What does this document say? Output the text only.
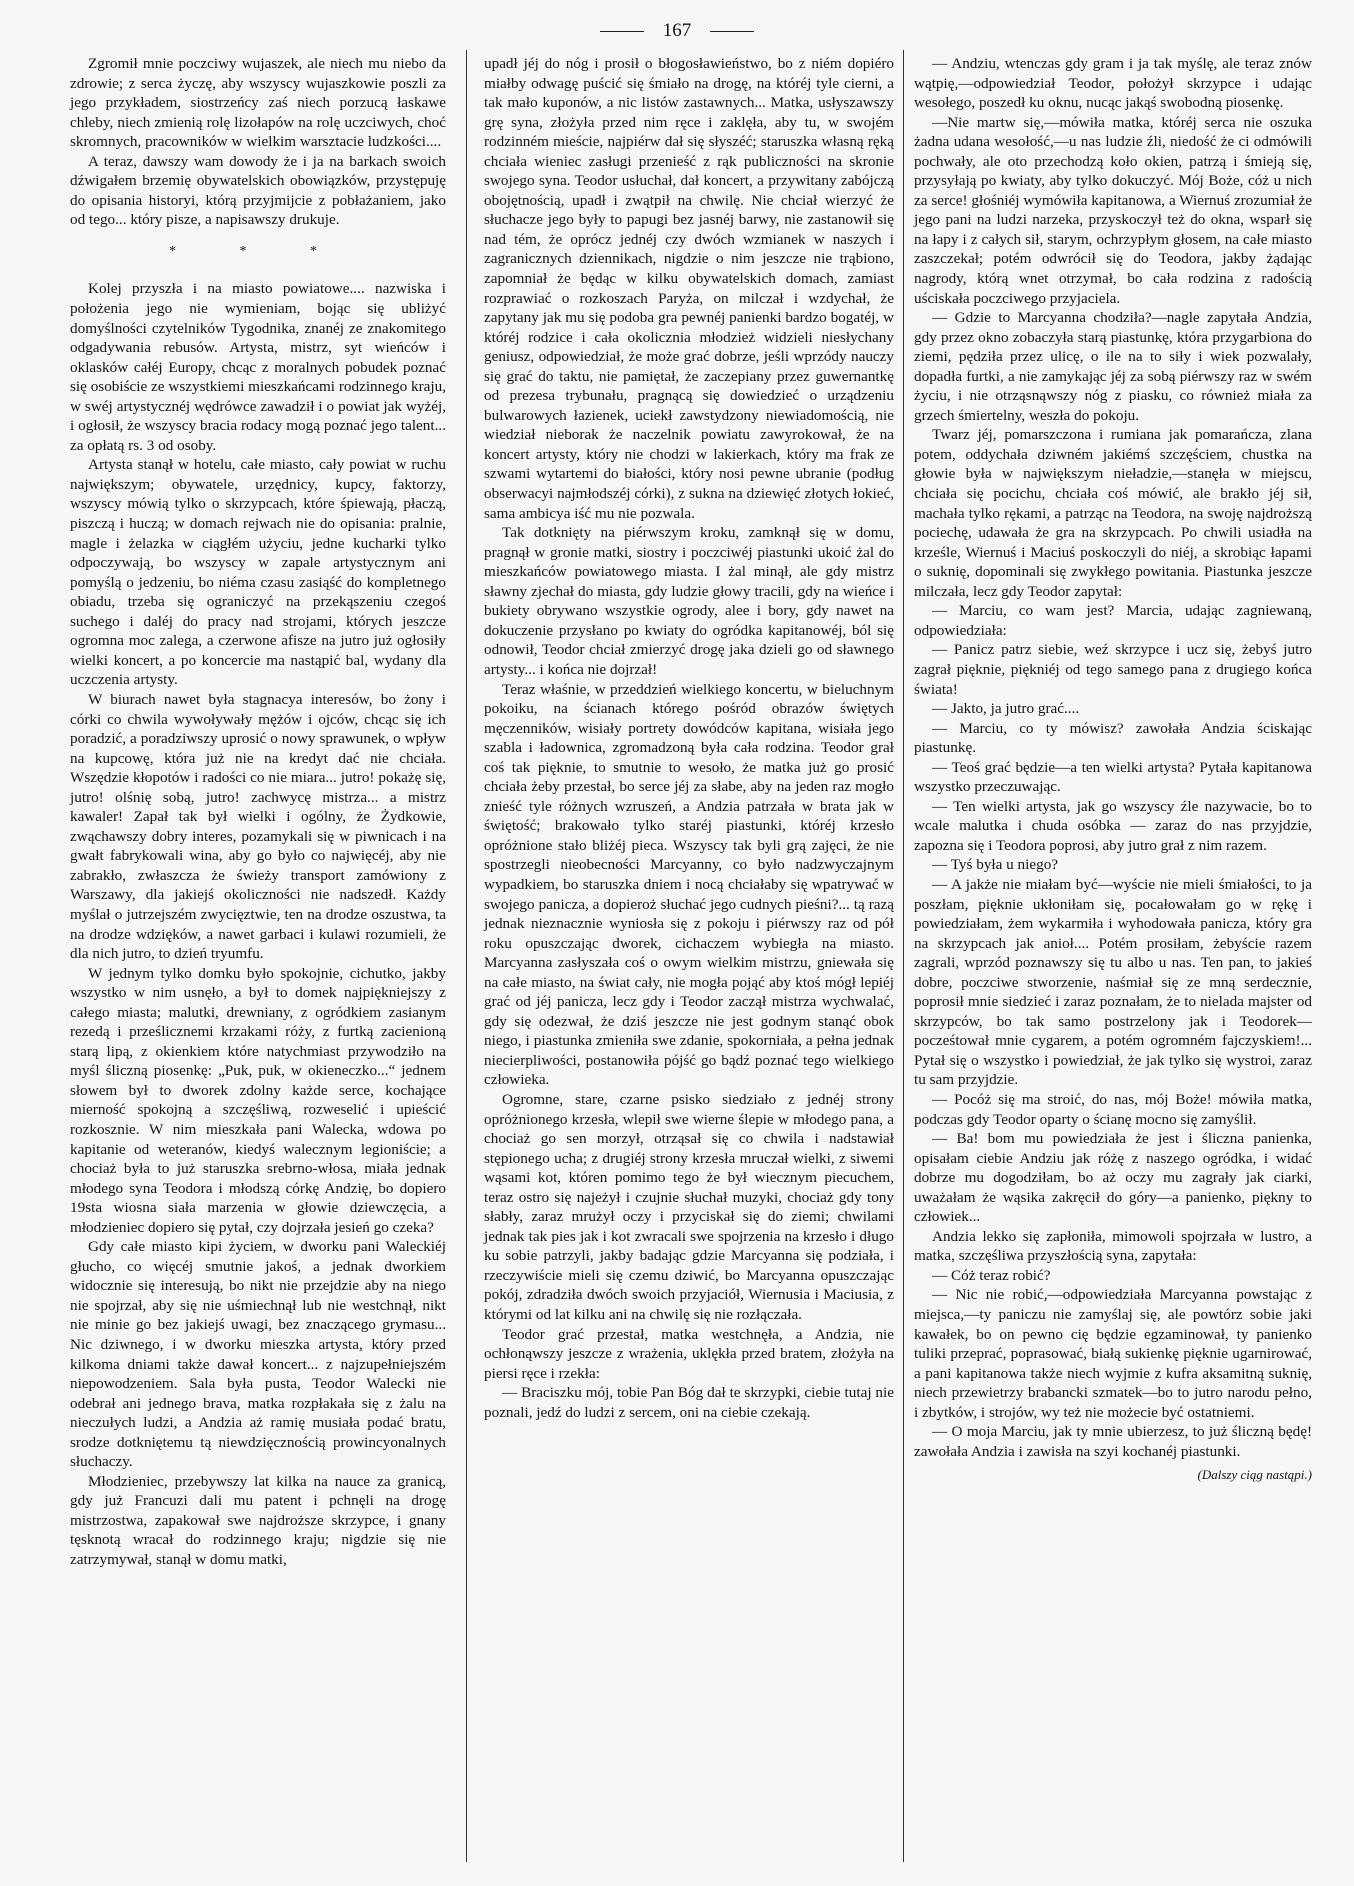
167

Zgromił mnie poczciwy wujaszek, ale niech mu niebo da zdrowie; z serca życzę, aby wszyscy wujaszkowie poszli za jego przykładem, siostrzeńcy zaś niech porzucą łaskawe chleby, niech zmienią rolę lizołapów na rolę uczciwych, choć skromnych, pracowników w wielkim warsztacie ludzkości....

A teraz, dawszy wam dowody że i ja na barkach swoich dźwigałem brzemię obywatelskich obowiązków, przystępuję do opisania historyi, którą przyjmijcie z pobłażaniem, jako od tego... który pisze, a napisawszy drukuje.

* * *

Kolej przyszła i na miasto powiatowe.... nazwiska i położenia jego nie wymieniam, bojąc się ubliżyć domyślności czytelników Tygodnika, znanéj ze znakomitego odgadywania rebusów. Artysta, mistrz, syt wieńców i oklasków całéj Europy, chcąc z moralnych pobudek poznać się osobiście ze wszystkiemi mieszkańcami rodzinnego kraju, w swéj artystycznéj wędrówce zawadził i o powiat jak wyżéj, i ogłosił, że wszyscy bracia rodacy mogą poznać jego talent... za opłatą rs. 3 od osoby.

Artysta stanął w hotelu, całe miasto, cały powiat w ruchu największym; obywatele, urzędnicy, kupcy, faktorzy, wszyscy mówią tylko o skrzypcach, które śpiewają, płaczą, piszczą i huczą; w domach rejwach nie do opisania: pralnie, magle i żelazka w ciągłém użyciu, jedne kucharki tylko odpoczywają, bo wszyscy w zapale artystycznym ani pomyślą o jedzeniu, bo niéma czasu zasiąść do kompletnego obiadu, trzeba się ograniczyć na przekąszeniu czegoś suchego i daléj do pracy nad strojami, których jeszcze ogromna moc zalega, a czerwone afisze na jutro już ogłosiły wielki koncert, a po koncercie ma nastąpić bal, wydany dla uczczenia artysty.

W biurach nawet była stagnacya interesów, bo żony i córki co chwila wywoływały mężów i ojców, chcąc się ich poradzić, a poradziwszy uprosić o nowy sprawunek, o wpływ na kupcowę, która już nie na kredyt dać nie chciała. Wszędzie kłopotów i radości co nie miara... jutro! pokażę się, jutro! olśnię sobą, jutro! zachwycę mistrza... a mistrz kawaler! Zapał tak był wielki i ogólny, że Żydkowie, zwąchawszy dobry interes, pozamykali się w piwnicach i na gwałt fabrykowali wina, aby go było co najwięcéj, aby nie zabrakło, zwłaszcza że świeży transport zamówiony z Warszawy, dla jakiejś okoliczności nie nadszedł. Każdy myślał o jutrzejszém zwycięztwie, ten na drodze oszustwa, ta na drodze wdzięków, a nawet garbaci i kulawi rozumieli, że dla nich jutro, to dzień tryumfu.

W jednym tylko domku było spokojnie, cichutko, jakby wszystko w nim usnęło, a był to domek najpiękniejszy z całego miasta; malutki, drewniany, z ogródkiem zasianym rezedą i prześlicznemi krzakami róży, z furtką zacienioną starą lipą, z okienkiem które natychmiast przywodziło na myśl śliczną piosenkę: „Puk, puk, w okieneczko...“ jednem słowem był to dworek zdolny każde serce, kochające mierność spokojną a szczęśliwą, rozweselić i upieścić rozkosznie. W nim mieszkała pani Walecka, wdowa po kapitanie od weteranów, kiedyś walecznym legioniście; a chociaż była to już staruszka srebrno-włosa, miała jednak młodego syna Teodora i młodszą córkę Andzię, bo dopiero 19sta wiosna siała marzenia w głowie dziewczęcia, a młodzieniec dopiero się pytał, czy dojrzała jesień go czeka?

Gdy całe miasto kipi życiem, w dworku pani Waleckiéj głucho, co więcéj smutnie jakoś, a jednak dworkiem widocznie się interesują, bo nikt nie przejdzie aby na niego nie spojrzał, aby się nie uśmiechnął lub nie westchnął, nikt nie minie go bez jakiejś uwagi, bez znaczącego grymasu... Nic dziwnego, i w dworku mieszka artysta, który przed kilkoma dniami także dawał koncert... z najzupełniejszém niepowodzeniem. Sala była pusta, Teodor Walecki nie odebrał ani jednego brava, matka rozpłakała się z żalu na nieczułych ludzi, a Andzia aż ramię musiała podać bratu, srodze dotkniętemu tą niewdzięcznością prowincyonalnych słuchaczy.

Młodzieniec, przebywszy lat kilka na nauce za granicą, gdy już Francuzi dali mu patent i pchnęli na drogę mistrzostwa, zapakował swe najdroższe skrzypce, i gnany tęsknotą wracał do rodzinnego kraju; nigdzie się nie zatrzymywał, stanął w domu matki,

upadł jéj do nóg i prosił o błogosławieństwo, bo z niém dopiéro miałby odwagę puścić się śmiało na drogę, na któréj tyle cierni, a tak mało kuponów, a nic listów zastawnych... Matka, usłyszawszy grę syna, złożyła przed nim ręce i zaklęła, aby tu, w swojém rodzinném mieście, najpiérw dał się słyszéć; staruszka własną ręką chciała wieniec zasługi przenieść z rąk publiczności na skronie swojego syna. Teodor usłuchał, dał koncert, a przywitany zabójczą obojętnością, upadł i zwątpił na chwilę. Nie chciał wierzyć że słuchacze jego były to papugi bez jasnéj barwy, nie zastanowił się nad tém, że oprócz jednéj czy dwóch wzmianek w naszych i zagranicznych dziennikach, nigdzie o nim jeszcze nie trąbiono, zapomniał że będąc w kilku obywatelskich domach, zamiast rozprawiać o rozkoszach Paryża, on milczał i wzdychał, że zapytany jak mu się podoba gra pewnéj panienki bardzo bogatéj, w któréj rodzice i cała okolicznia młodzież widzieli niesłychany geniusz, odpowiedział, że może grać dobrze, jeśli wprzódy nauczy się grać do taktu, nie pamiętał, że zaczepiany przez guwernantkę od prezesa trybunału, pragnącą się dowiedzieć o urządzeniu bulwarowych łazienek, uciekł zawstydzony niewiadomością, nie wiedział nieborak że naczelnik powiatu zawyrokował, że na koncert artysty, który nie chodzi w lakierkach, który ma frak ze szwami wytartemi do białości, który nosi pewne ubranie (podług obserwacyi najmłodszéj córki), z sukna na dziewięć złotych łokieć, sama ambicya iść mu nie pozwala.

Tak dotknięty na piérwszym kroku, zamknął się w domu, pragnął w gronie matki, siostry i poczciwéj piastunki ukoić żal do mieszkańców powiatowego miasta. I żal minął, ale gdy mistrz sławny zjechał do miasta, gdy ludzie głowy tracili, gdy na wieńce i bukiety obrywano wszystkie ogrody, alee i bory, gdy nawet na dokuczenie przysłano po kwiaty do ogródka kapitanowéj, ból się odnowił, Teodor chciał zmierzyć drogę jaka dzieli go od sławnego artysty... i końca nie dojrzał!

Teraz właśnie, w przeddzień wielkiego koncertu, w bieluchnym pokoiku, na ścianach którego pośród obrazów świętych męczenników, wisiały portrety dowódców kapitana, wisiała jego szabla i ładownica, zgromadzoną była cała rodzina. Teodor grał coś tak pięknie, to smutnie to wesoło, że matka już go prosić chciała żeby przestał, bo serce jéj za słabe, aby na jeden raz mogło znieść tyle różnych wzruszeń, a Andzia patrzała w brata jak w świętość; brakowało tylko staréj piastunki, któréj krzesło opróżnione stało bliżéj pieca. Wszyscy tak byli grą zajęci, że nie spostrzegli nieobecności Marcyanny, co było nadzwyczajnym wypadkiem, bo staruszka dniem i nocą chciałaby się wpatrywać w swojego panicza, a dopieroż słuchać jego cudnych pieśni?... tą razą jednak nieznacznie wyniosła się z pokoju i piérwszy raz od pół roku opuszczając dworek, cichaczem wybiegła na miasto. Marcyanna zasłyszała coś o owym wielkim mistrzu, gniewała się na całe miasto, na świat cały, nie mogła pojąć aby ktoś mógł lepiéj grać od jéj panicza, lecz gdy i Teodor zaczął mistrza wychwalać, gdy się odezwał, że dziś jeszcze nie jest godnym stanąć obok niego, i piastunka zmieniła swe zdanie, spokorniała, a pełna jednak niecierpliwości, postanowiła pójść go bądź poznać tego wielkiego człowieka.

Ogromne, stare, czarne psisko siedziało z jednéj strony opróżnionego krzesła, wlepił swe wierne ślepie w młodego pana, a chociaż go sen morzył, otrząsał się co chwila i nadstawiał stępionego ucha; z drugiéj strony krzesła mruczał wielki, z siwemi wąsami kot, któren pomimo tego że był wiecznym piecuchem, teraz ostro się najeżył i czujnie słuchał muzyki, chociaż gdy tony słabły, zaraz mrużył oczy i przyciskał się do ziemi; chwilami jednak tak pies jak i kot zwracali swe spojrzenia na krzesło i długo ku sobie patrzyli, jakby badając gdzie Marcyanna się podziała, i rzeczywiście mieli się czemu dziwić, bo Marcyanna opuszczając pokój, zdradziła dwóch swoich przyjaciół, Wiernusia i Maciusia, z którymi od lat kilku ani na chwilę się nie rozłączała.

Teodor grać przestał, matka westchnęła, a Andzia, nie ochłonąwszy jeszcze z wrażenia, uklękła przed bratem, złożyła na piersi ręce i rzekła:

— Braciszku mój, tobie Pan Bóg dał te skrzypki, ciebie tutaj nie poznali, jedź do ludzi z sercem, oni na ciebie czekają.

— Andziu, wtenczas gdy gram i ja tak myślę, ale teraz znów wątpię,—odpowiedział Teodor, położył skrzypce i udając wesołego, poszedł ku oknu, nucąc jakąś swobodną piosenkę.

—Nie martw się,—mówiła matka, któréj serca nie oszuka żadna udana wesołość,—u nas ludzie źli, niedość że ci odmówili pochwały, ale oto przechodzą koło okien, patrzą i śmieją się, przysyłają po kwiaty, aby tylko dokuczyć. Mój Boże, cóż u nich za serce! głośniéj wymówiła kapitanowa, a Wiernuś zrozumiał że jego pani na ludzi narzeka, przyskoczył też do okna, wsparł się na łapy i z całych sił, starym, ochrzypłym głosem, na całe miasto zaszczekał; potém odwrócił się do Teodora, jakby żądając nagrody, którą wnet otrzymał, bo cała rodzina z radością uściskała poczciwego przyjaciela.

— Gdzie to Marcyanna chodziła?—nagle zapytała Andzia, gdy przez okno zobaczyła starą piastunkę, która przygarbiona do ziemi, pędziła przez ulicę, o ile na to siły i wiek pozwalały, dopadła furtki, a nie zamykając jéj za sobą piérwszy raz w swém życiu, i nie otrząsnąwszy nóg z piasku, co również miała za grzech śmiertelny, weszła do pokoju.

Twarz jéj, pomarszczona i rumiana jak pomarańcza, zlana potem, oddychała dziwném jakiémś szczęściem, chustka na głowie była w największym nieładzie,—stanęła w miejscu, chciała się pocichu, chciała coś mówić, ale brakło jéj sił, machała tylko rękami, a patrząc na Teodora, na swoję najdroższą pociechę, udawała że gra na skrzypcach. Po chwili usiadła na krześle, Wiernuś i Maciuś poskoczyli do niéj, a skrobiąc łapami o suknię, dopominali się zwykłego powitania. Piastunka jeszcze milczała, lecz gdy Teodor zapytał:

— Marciu, co wam jest? Marcia, udając zagniewaną, odpowiedziała:

— Panicz patrz siebie, weź skrzypce i ucz się, żebyś jutro zagrał pięknie, piękniéj od tego samego pana z drugiego końca świata!

— Jakto, ja jutro grać....

— Marciu, co ty mówisz? zawołała Andzia ściskając piastunkę.

— Teoś grać będzie—a ten wielki artysta? Pytała kapitanowa wszystko przeczuwając.

— Ten wielki artysta, jak go wszyscy źle nazywacie, bo to wcale malutka i chuda osóbka — zaraz do nas przyjdzie, zapozna się i Teodora poprosi, aby jutro grał z nim razem.

— Tyś była u niego?

— A jakże nie miałam być—wyście nie mieli śmiałości, to ja poszłam, pięknie ukłoniłam się, pocałowałam go w rękę i powiedziałam, żem wykarmiła i wyhodowała panicza, który gra na skrzypcach jak anioł.... Potém prosiłam, żebyście razem zagrali, wprzód poznawszy się tu albo u nas. Ten pan, to jakieś dobre, poczciwe stworzenie, naśmiał się ze mną serdecznie, poprosił mnie siedzieć i zaraz poznałam, że to nielada majster od skrzypców, bo tak samo postrzelony jak i Teodorek— pocześtował mnie cygarem, a potém ogromném fajczyskiem!... Pytał się o wszystko i powiedział, że jak tylko się wystroi, zaraz tu sam przyjdzie.

— Pocóż się ma stroić, do nas, mój Boże! mówiła matka, podczas gdy Teodor oparty o ścianę mocno się zamyślił.

— Ba! bom mu powiedziała że jest i śliczna panienka, opisałam ciebie Andziu jak różę z naszego ogródka, i widać dobrze mu dogodziłam, bo aż oczy mu zagrały jak ciarki, uważałam że wąsika zakręcił do góry—a panienko, piękny to człowiek...

Andzia lekko się zapłoniła, mimowoli spojrzała w lustro, a matka, szczęśliwa przyszłością syna, zapytała:

— Cóż teraz robić?

— Nic nie robić,—odpowiedziała Marcyanna powstając z miejsca,—ty paniczu nie zamyślaj się, ale powtórz sobie jaki kawałek, bo on pewno cię będzie egzaminował, ty panienko tuliki przeprać, poprasować, białą sukienkę pięknie ugarnirować, a pani kapitanowa także niech wyjmie z kufra aksamitną suknię, niech przewietrzy brabancki szmatek—bo to jutro narodu pełno, i zbytków, i strojów, wy też nie możecie być ostatniemi.

— O moja Marciu, jak ty mnie ubierzesz, to już śliczną będę! zawołała Andzia i zawisła na szyi kochanéj piastunki.

(Dalszy ciąg nastąpi.)
